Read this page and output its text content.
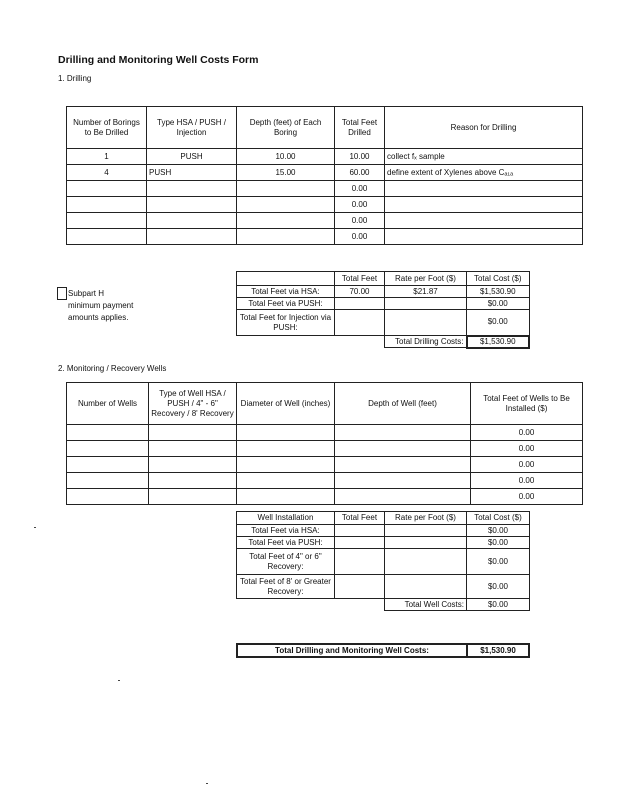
Drilling and Monitoring Well Costs Form
1. Drilling
Number of Borings to Be Drilled	Type HSA / PUSH / Injection	Depth (feet) of Each Boring	Total Feet Drilled	Reason for Drilling
1	PUSH	10.00	10.00	collect fₓ sample
4	PUSH	15.00	60.00	define extent of Xylenes above Cₐ₁ₐ
			0.00	
			0.00	
			0.00	
			0.00	
Subpart H
minimum payment
amounts applies.
	Total Feet	Rate per Foot ($)	Total Cost ($)
Total Feet via HSA:	70.00	$21.87	$1,530.90
Total Feet via PUSH:			$0.00
Total Feet for Injection via PUSH:			$0.00
		Total Drilling Costs:	$1,530.90
2. Monitoring / Recovery Wells
Number of Wells	Type of Well HSA / PUSH / 4" - 6" Recovery / 8' Recovery	Diameter of Well (inches)	Depth of Well (feet)	Total Feet of Wells to Be Installed ($)
				0.00
				0.00
				0.00
				0.00
				0.00
Well Installation	Total Feet	Rate per Foot ($)	Total Cost ($)
Total Feet via HSA:			$0.00
Total Feet via PUSH:			$0.00
Total Feet of 4" or 6" Recovery:			$0.00
Total Feet of 8' or Greater Recovery:			$0.00
		Total Well Costs:	$0.00
Total Drilling and Monitoring Well Costs:	$1,530.90
